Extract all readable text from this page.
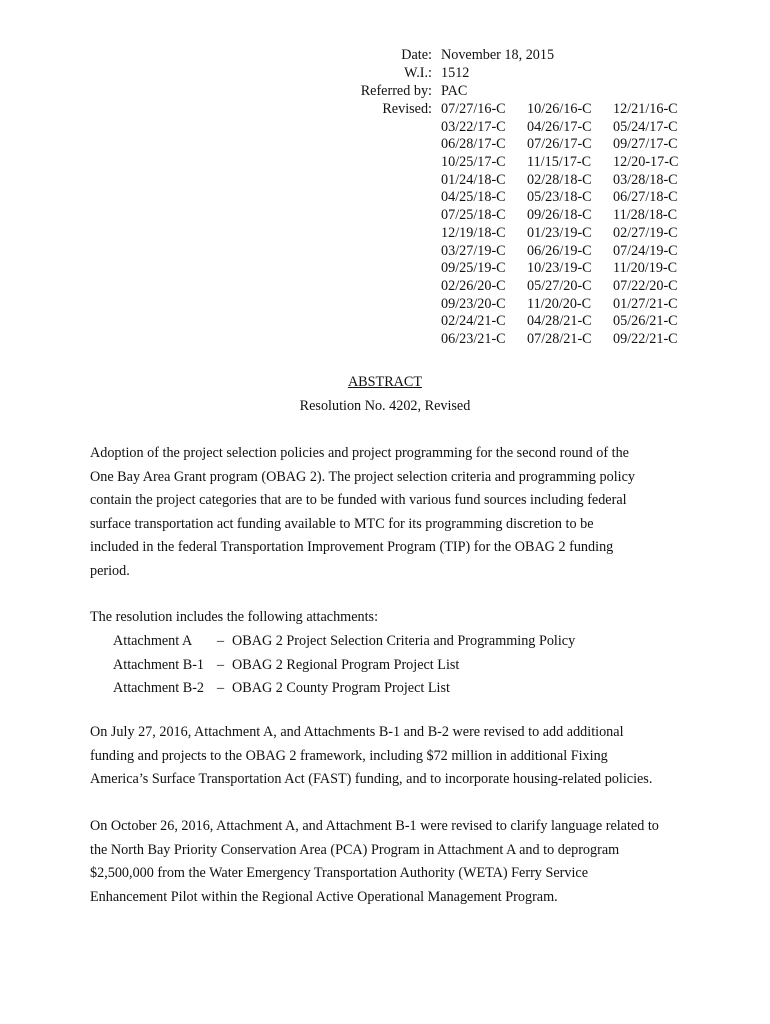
Date: November 18, 2015
W.I.: 1512
Referred by: PAC
Revised: 07/27/16-C	10/26/16-C	12/21/16-C
03/22/17-C	04/26/17-C	05/24/17-C
06/28/17-C	07/26/17-C	09/27/17-C
10/25/17-C	11/15/17-C	12/20-17-C
01/24/18-C	02/28/18-C	03/28/18-C
04/25/18-C	05/23/18-C	06/27/18-C
07/25/18-C	09/26/18-C	11/28/18-C
12/19/18-C	01/23/19-C	02/27/19-C
03/27/19-C	06/26/19-C	07/24/19-C
09/25/19-C	10/23/19-C	11/20/19-C
02/26/20-C	05/27/20-C	07/22/20-C
09/23/20-C	11/20/20-C	01/27/21-C
02/24/21-C	04/28/21-C	05/26/21-C
06/23/21-C	07/28/21-C	09/22/21-C
ABSTRACT
Resolution No. 4202, Revised
Adoption of the project selection policies and project programming for the second round of the
One Bay Area Grant program (OBAG 2). The project selection criteria and programming policy
contain the project categories that are to be funded with various fund sources including federal
surface transportation act funding available to MTC for its programming discretion to be
included in the federal Transportation Improvement Program (TIP) for the OBAG 2 funding
period.
The resolution includes the following attachments:
Attachment A	– OBAG 2 Project Selection Criteria and Programming Policy
Attachment B-1 – OBAG 2 Regional Program Project List
Attachment B-2 – OBAG 2 County Program Project List
On July 27, 2016, Attachment A, and Attachments B-1 and B-2 were revised to add additional
funding and projects to the OBAG 2 framework, including $72 million in additional Fixing
America’s Surface Transportation Act (FAST) funding, and to incorporate housing-related policies.
On October 26, 2016, Attachment A, and Attachment B-1 were revised to clarify language related to
the North Bay Priority Conservation Area (PCA) Program in Attachment A and to deprogram
$2,500,000 from the Water Emergency Transportation Authority (WETA) Ferry Service
Enhancement Pilot within the Regional Active Operational Management Program.
